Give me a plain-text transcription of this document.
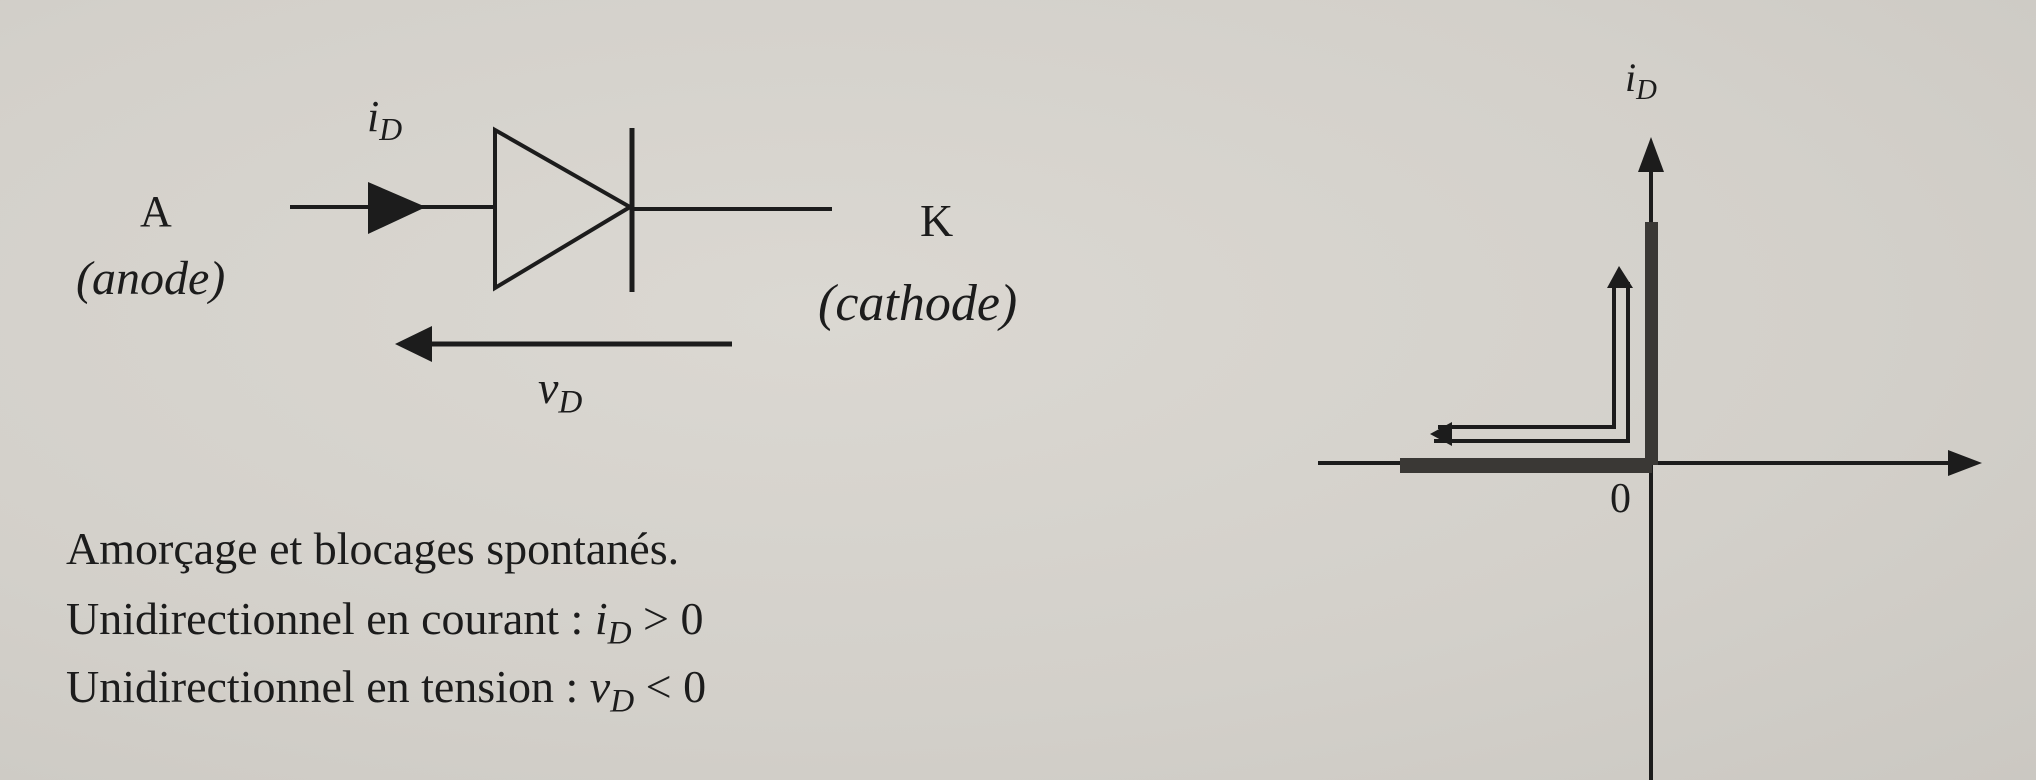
A
(anode)
K
(cathode)
$i_D$
$v_D$
Amorçage et blocages spontanés.
Unidirectionnel en courant : $i_D > 0$
Unidirectionnel en tension : $v_D < 0$
$i_D$
0
